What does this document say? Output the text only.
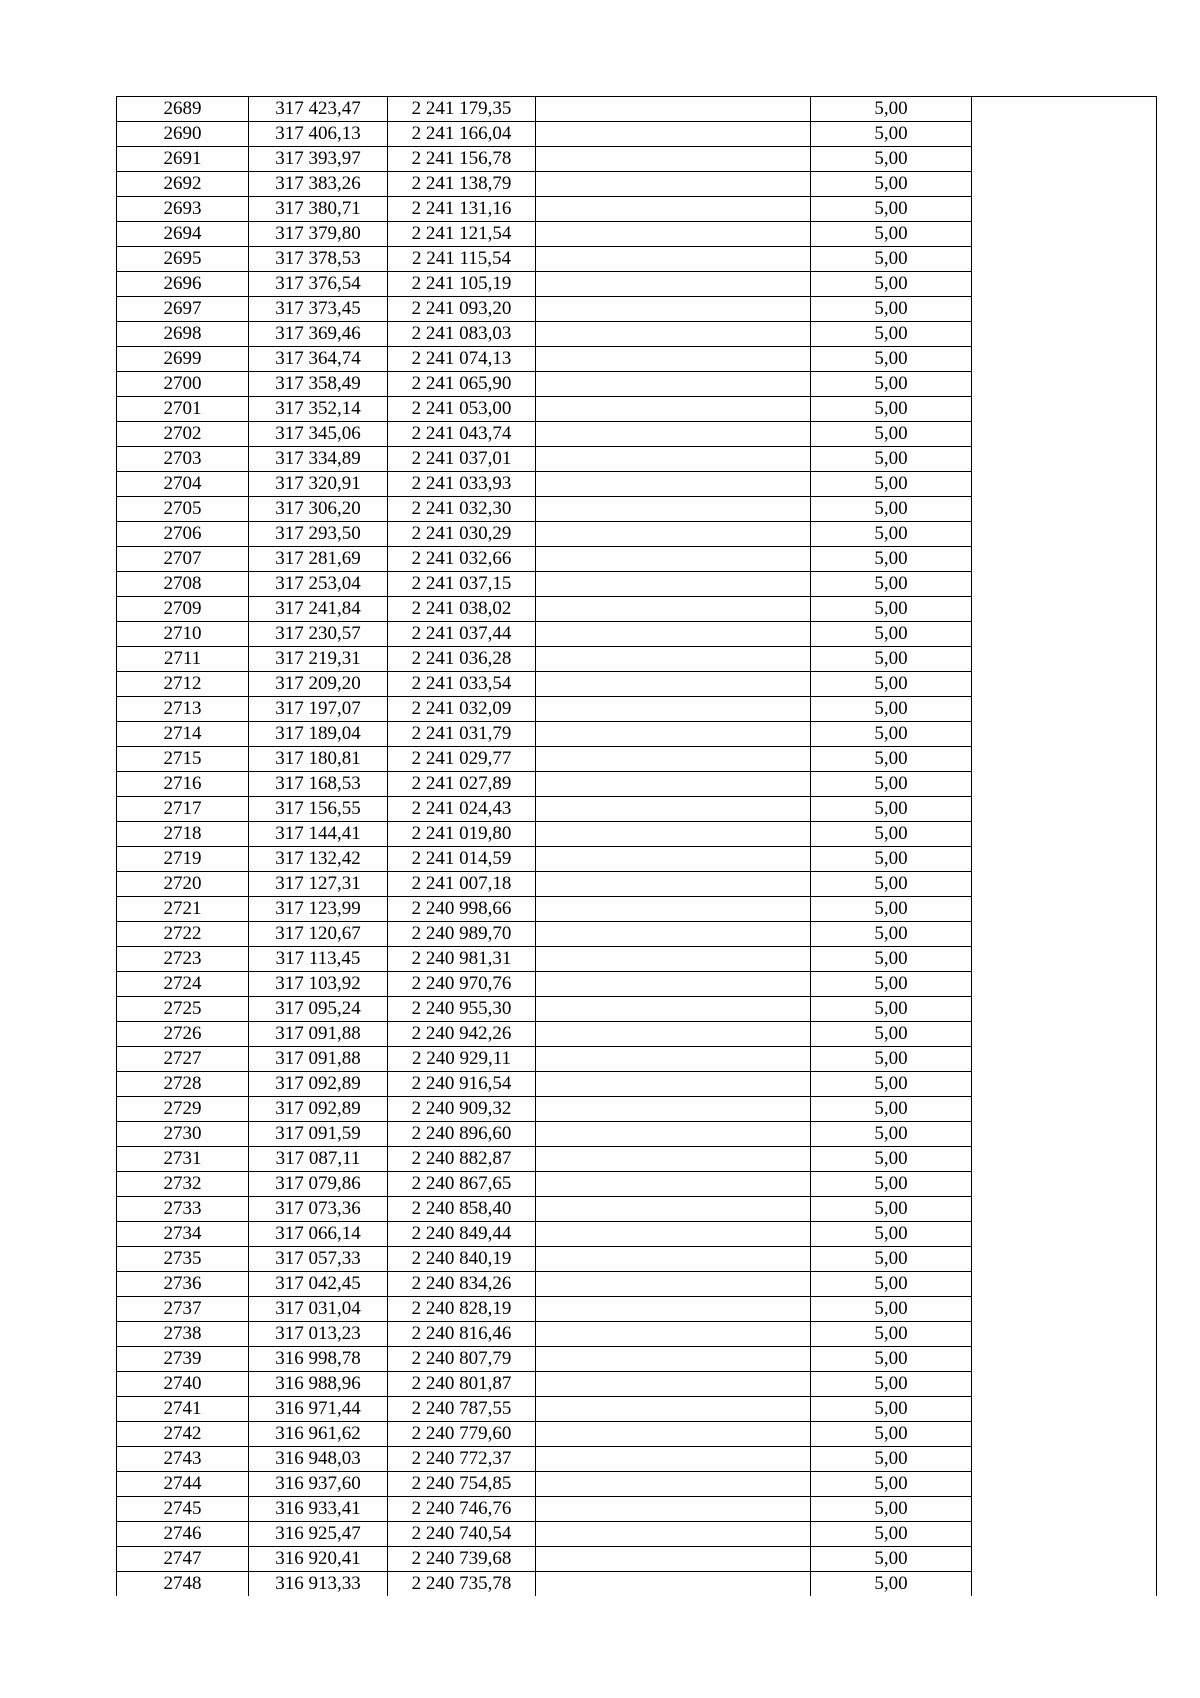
2689	317 423,47	2 241 179,35		5,00	
2690	317 406,13	2 241 166,04		5,00	
2691	317 393,97	2 241 156,78		5,00	
2692	317 383,26	2 241 138,79		5,00	
2693	317 380,71	2 241 131,16		5,00	
2694	317 379,80	2 241 121,54		5,00	
2695	317 378,53	2 241 115,54		5,00	
2696	317 376,54	2 241 105,19		5,00	
2697	317 373,45	2 241 093,20		5,00	
2698	317 369,46	2 241 083,03		5,00	
2699	317 364,74	2 241 074,13		5,00	
2700	317 358,49	2 241 065,90		5,00	
2701	317 352,14	2 241 053,00		5,00	
2702	317 345,06	2 241 043,74		5,00	
2703	317 334,89	2 241 037,01		5,00	
2704	317 320,91	2 241 033,93		5,00	
2705	317 306,20	2 241 032,30		5,00	
2706	317 293,50	2 241 030,29		5,00	
2707	317 281,69	2 241 032,66		5,00	
2708	317 253,04	2 241 037,15		5,00	
2709	317 241,84	2 241 038,02		5,00	
2710	317 230,57	2 241 037,44		5,00	
2711	317 219,31	2 241 036,28		5,00	
2712	317 209,20	2 241 033,54		5,00	
2713	317 197,07	2 241 032,09		5,00	
2714	317 189,04	2 241 031,79		5,00	
2715	317 180,81	2 241 029,77		5,00	
2716	317 168,53	2 241 027,89		5,00	
2717	317 156,55	2 241 024,43		5,00	
2718	317 144,41	2 241 019,80		5,00	
2719	317 132,42	2 241 014,59		5,00	
2720	317 127,31	2 241 007,18		5,00	
2721	317 123,99	2 240 998,66		5,00	
2722	317 120,67	2 240 989,70		5,00	
2723	317 113,45	2 240 981,31		5,00	
2724	317 103,92	2 240 970,76		5,00	
2725	317 095,24	2 240 955,30		5,00	
2726	317 091,88	2 240 942,26		5,00	
2727	317 091,88	2 240 929,11		5,00	
2728	317 092,89	2 240 916,54		5,00	
2729	317 092,89	2 240 909,32		5,00	
2730	317 091,59	2 240 896,60		5,00	
2731	317 087,11	2 240 882,87		5,00	
2732	317 079,86	2 240 867,65		5,00	
2733	317 073,36	2 240 858,40		5,00	
2734	317 066,14	2 240 849,44		5,00	
2735	317 057,33	2 240 840,19		5,00	
2736	317 042,45	2 240 834,26		5,00	
2737	317 031,04	2 240 828,19		5,00	
2738	317 013,23	2 240 816,46		5,00	
2739	316 998,78	2 240 807,79		5,00	
2740	316 988,96	2 240 801,87		5,00	
2741	316 971,44	2 240 787,55		5,00	
2742	316 961,62	2 240 779,60		5,00	
2743	316 948,03	2 240 772,37		5,00	
2744	316 937,60	2 240 754,85		5,00	
2745	316 933,41	2 240 746,76		5,00	
2746	316 925,47	2 240 740,54		5,00	
2747	316 920,41	2 240 739,68		5,00	
2748	316 913,33	2 240 735,78		5,00	
